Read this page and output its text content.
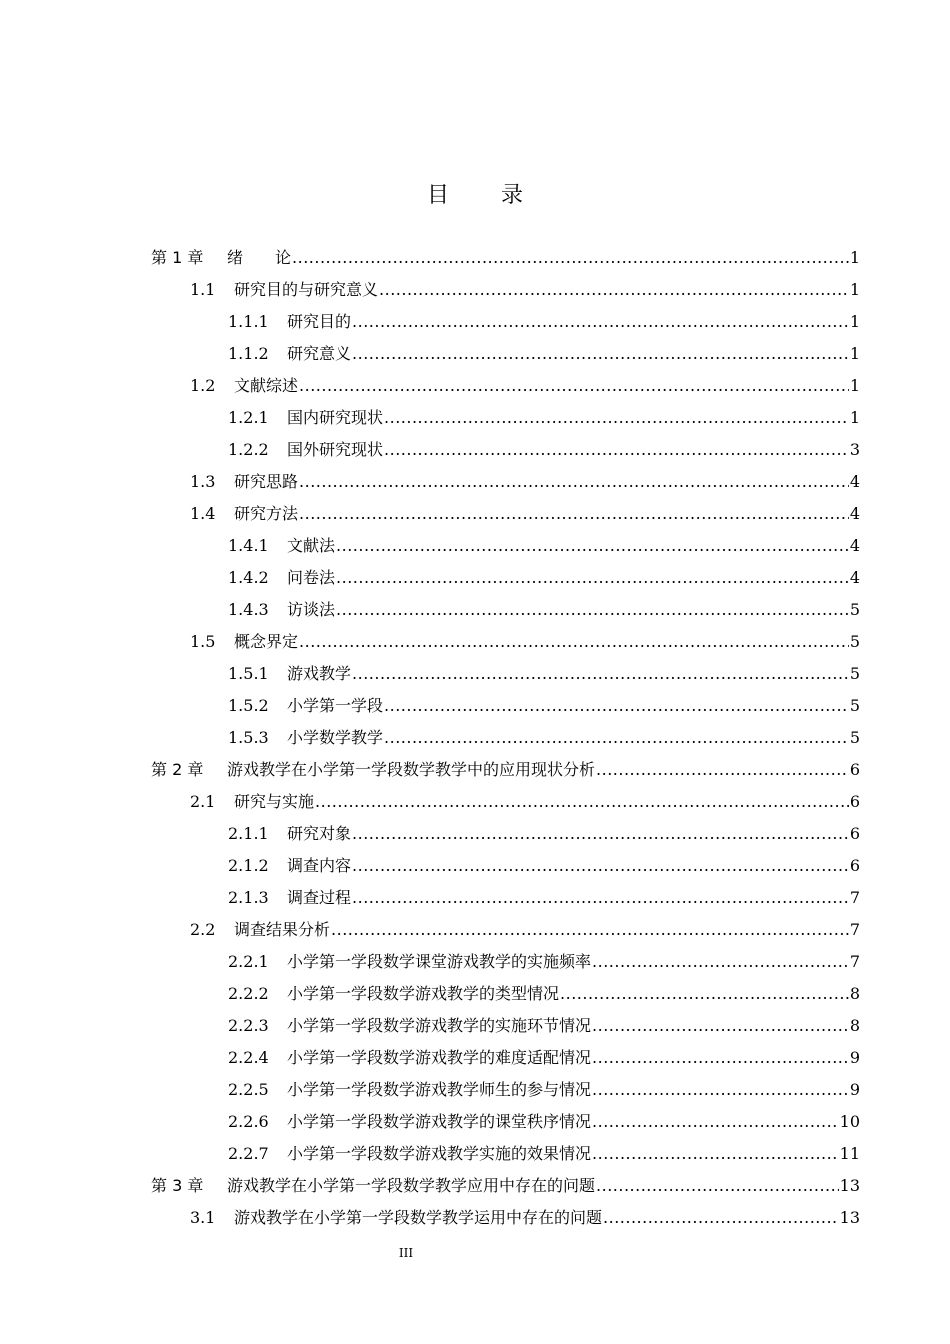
目 录
第 1 章	绪　　论 .....	1
1.1	研究目的与研究意义 .....	1
1.1.1	研究目的 .....	1
1.1.2	研究意义 .....	1
1.2	文献综述 .....	1
1.2.1	国内研究现状 .....	1
1.2.2	国外研究现状 .....	3
1.3	研究思路 .....	4
1.4	研究方法 .....	4
1.4.1	文献法 .....	4
1.4.2	问卷法 .....	4
1.4.3	访谈法 .....	5
1.5	概念界定 .....	5
1.5.1	游戏教学 .....	5
1.5.2	小学第一学段 .....	5
1.5.3	小学数学教学 .....	5
第 2 章	游戏教学在小学第一学段数学教学中的应用现状分析 .....	6
2.1	研究与实施 .....	6
2.1.1	研究对象 .....	6
2.1.2	调查内容 .....	6
2.1.3	调查过程 .....	7
2.2	调查结果分析 .....	7
2.2.1	小学第一学段数学课堂游戏教学的实施频率 .....	7
2.2.2	小学第一学段数学游戏教学的类型情况 .....	8
2.2.3	小学第一学段数学游戏教学的实施环节情况 .....	8
2.2.4	小学第一学段数学游戏教学的难度适配情况 .....	9
2.2.5	小学第一学段数学游戏教学师生的参与情况 .....	9
2.2.6	小学第一学段数学游戏教学的课堂秩序情况 .....	10
2.2.7	小学第一学段数学游戏教学实施的效果情况 .....	11
第 3 章	游戏教学在小学第一学段数学教学应用中存在的问题 .....	13
3.1	游戏教学在小学第一学段数学教学运用中存在的问题 .....	13
III
